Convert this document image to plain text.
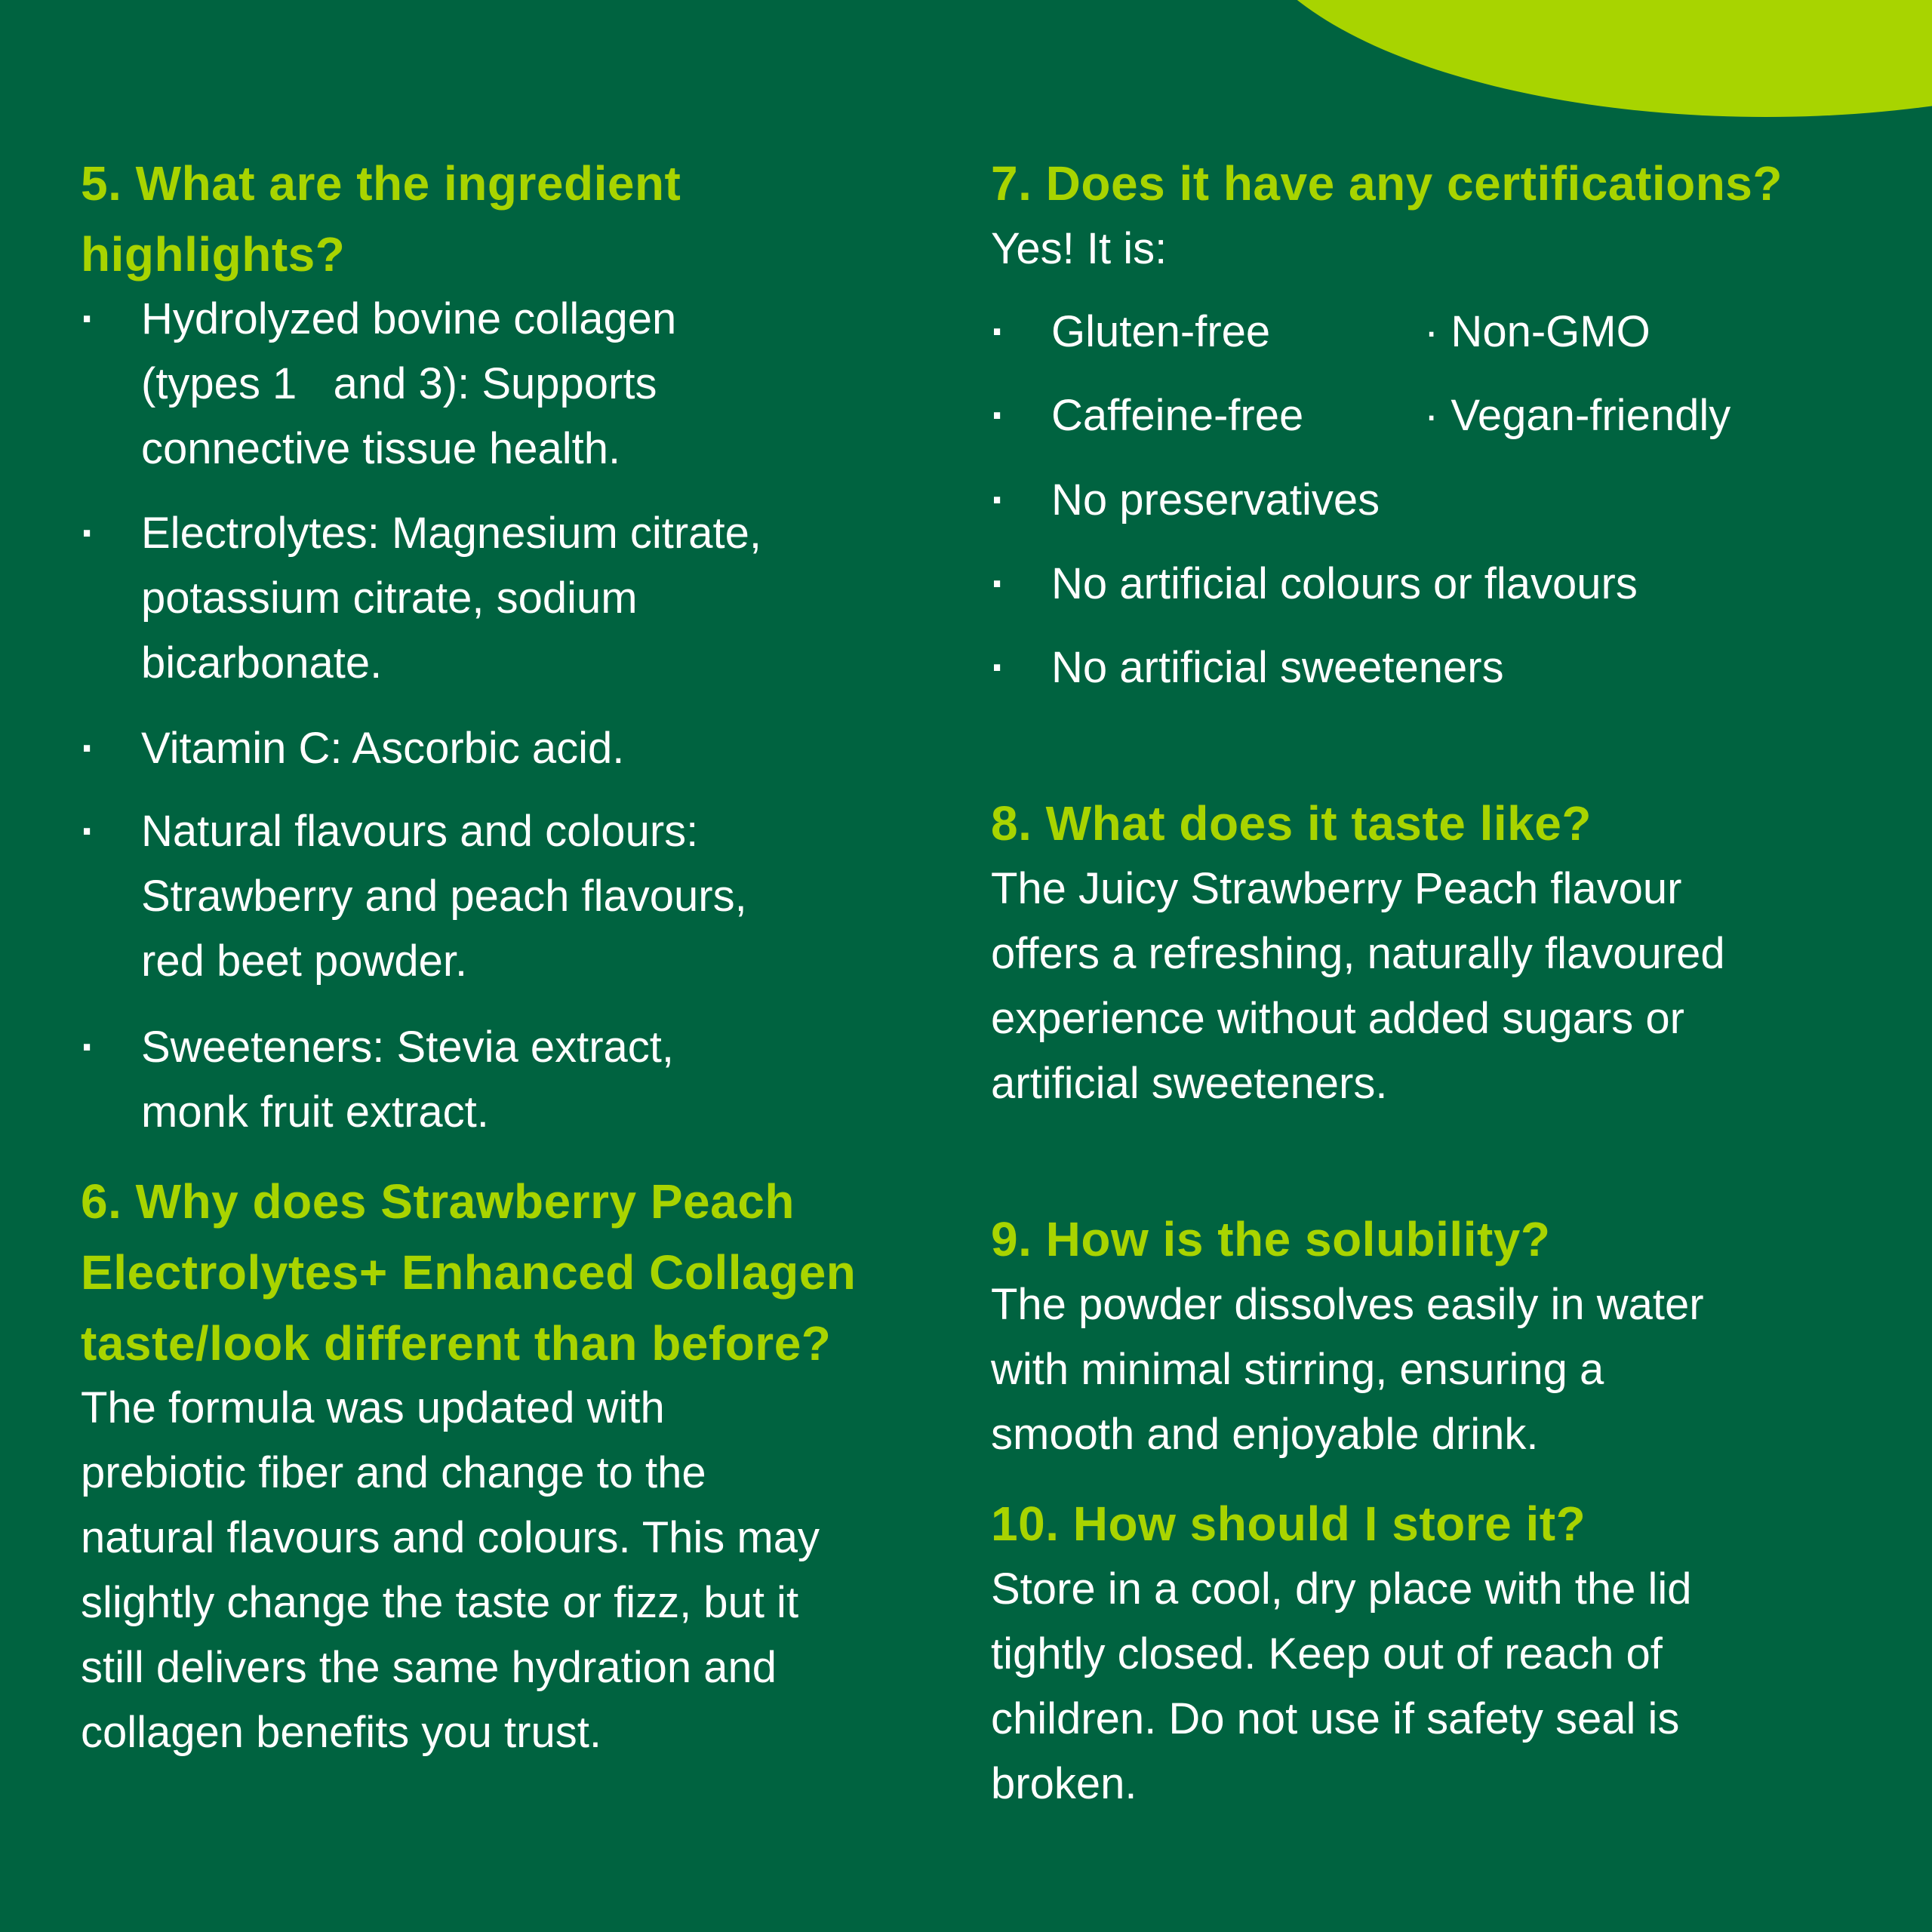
5. What are the ingredient
highlights?
· Hydrolyzed bovine collagen
(types 1   and 3): Supports
connective tissue health.
· Electrolytes: Magnesium citrate,
potassium citrate, sodium
bicarbonate.
· Vitamin C: Ascorbic acid.
· Natural flavours and colours:
Strawberry and peach flavours,
red beet powder.
· Sweeteners: Stevia extract,
monk fruit extract.
6. Why does Strawberry Peach
Electrolytes+ Enhanced Collagen
taste/look different than before?

The formula was updated with
prebiotic fiber and change to the
natural flavours and colours. This may
slightly change the taste or fizz, but it
still delivers the same hydration and
collagen benefits you trust.

7. Does it have any certifications?

Yes! It is:

· Gluten-free	· Non-GMO
· Caffeine-free	· Vegan-friendly
· No preservatives
· No artificial colours or flavours
· No artificial sweeteners
8. What does it taste like?

The Juicy Strawberry Peach flavour
offers a refreshing, naturally flavoured
experience without added sugars or
artificial sweeteners.

9. How is the solubility?

The powder dissolves easily in water
with minimal stirring, ensuring a
smooth and enjoyable drink.

10. How should I store it?

Store in a cool, dry place with the lid
tightly closed. Keep out of reach of
children. Do not use if safety seal is
broken.
